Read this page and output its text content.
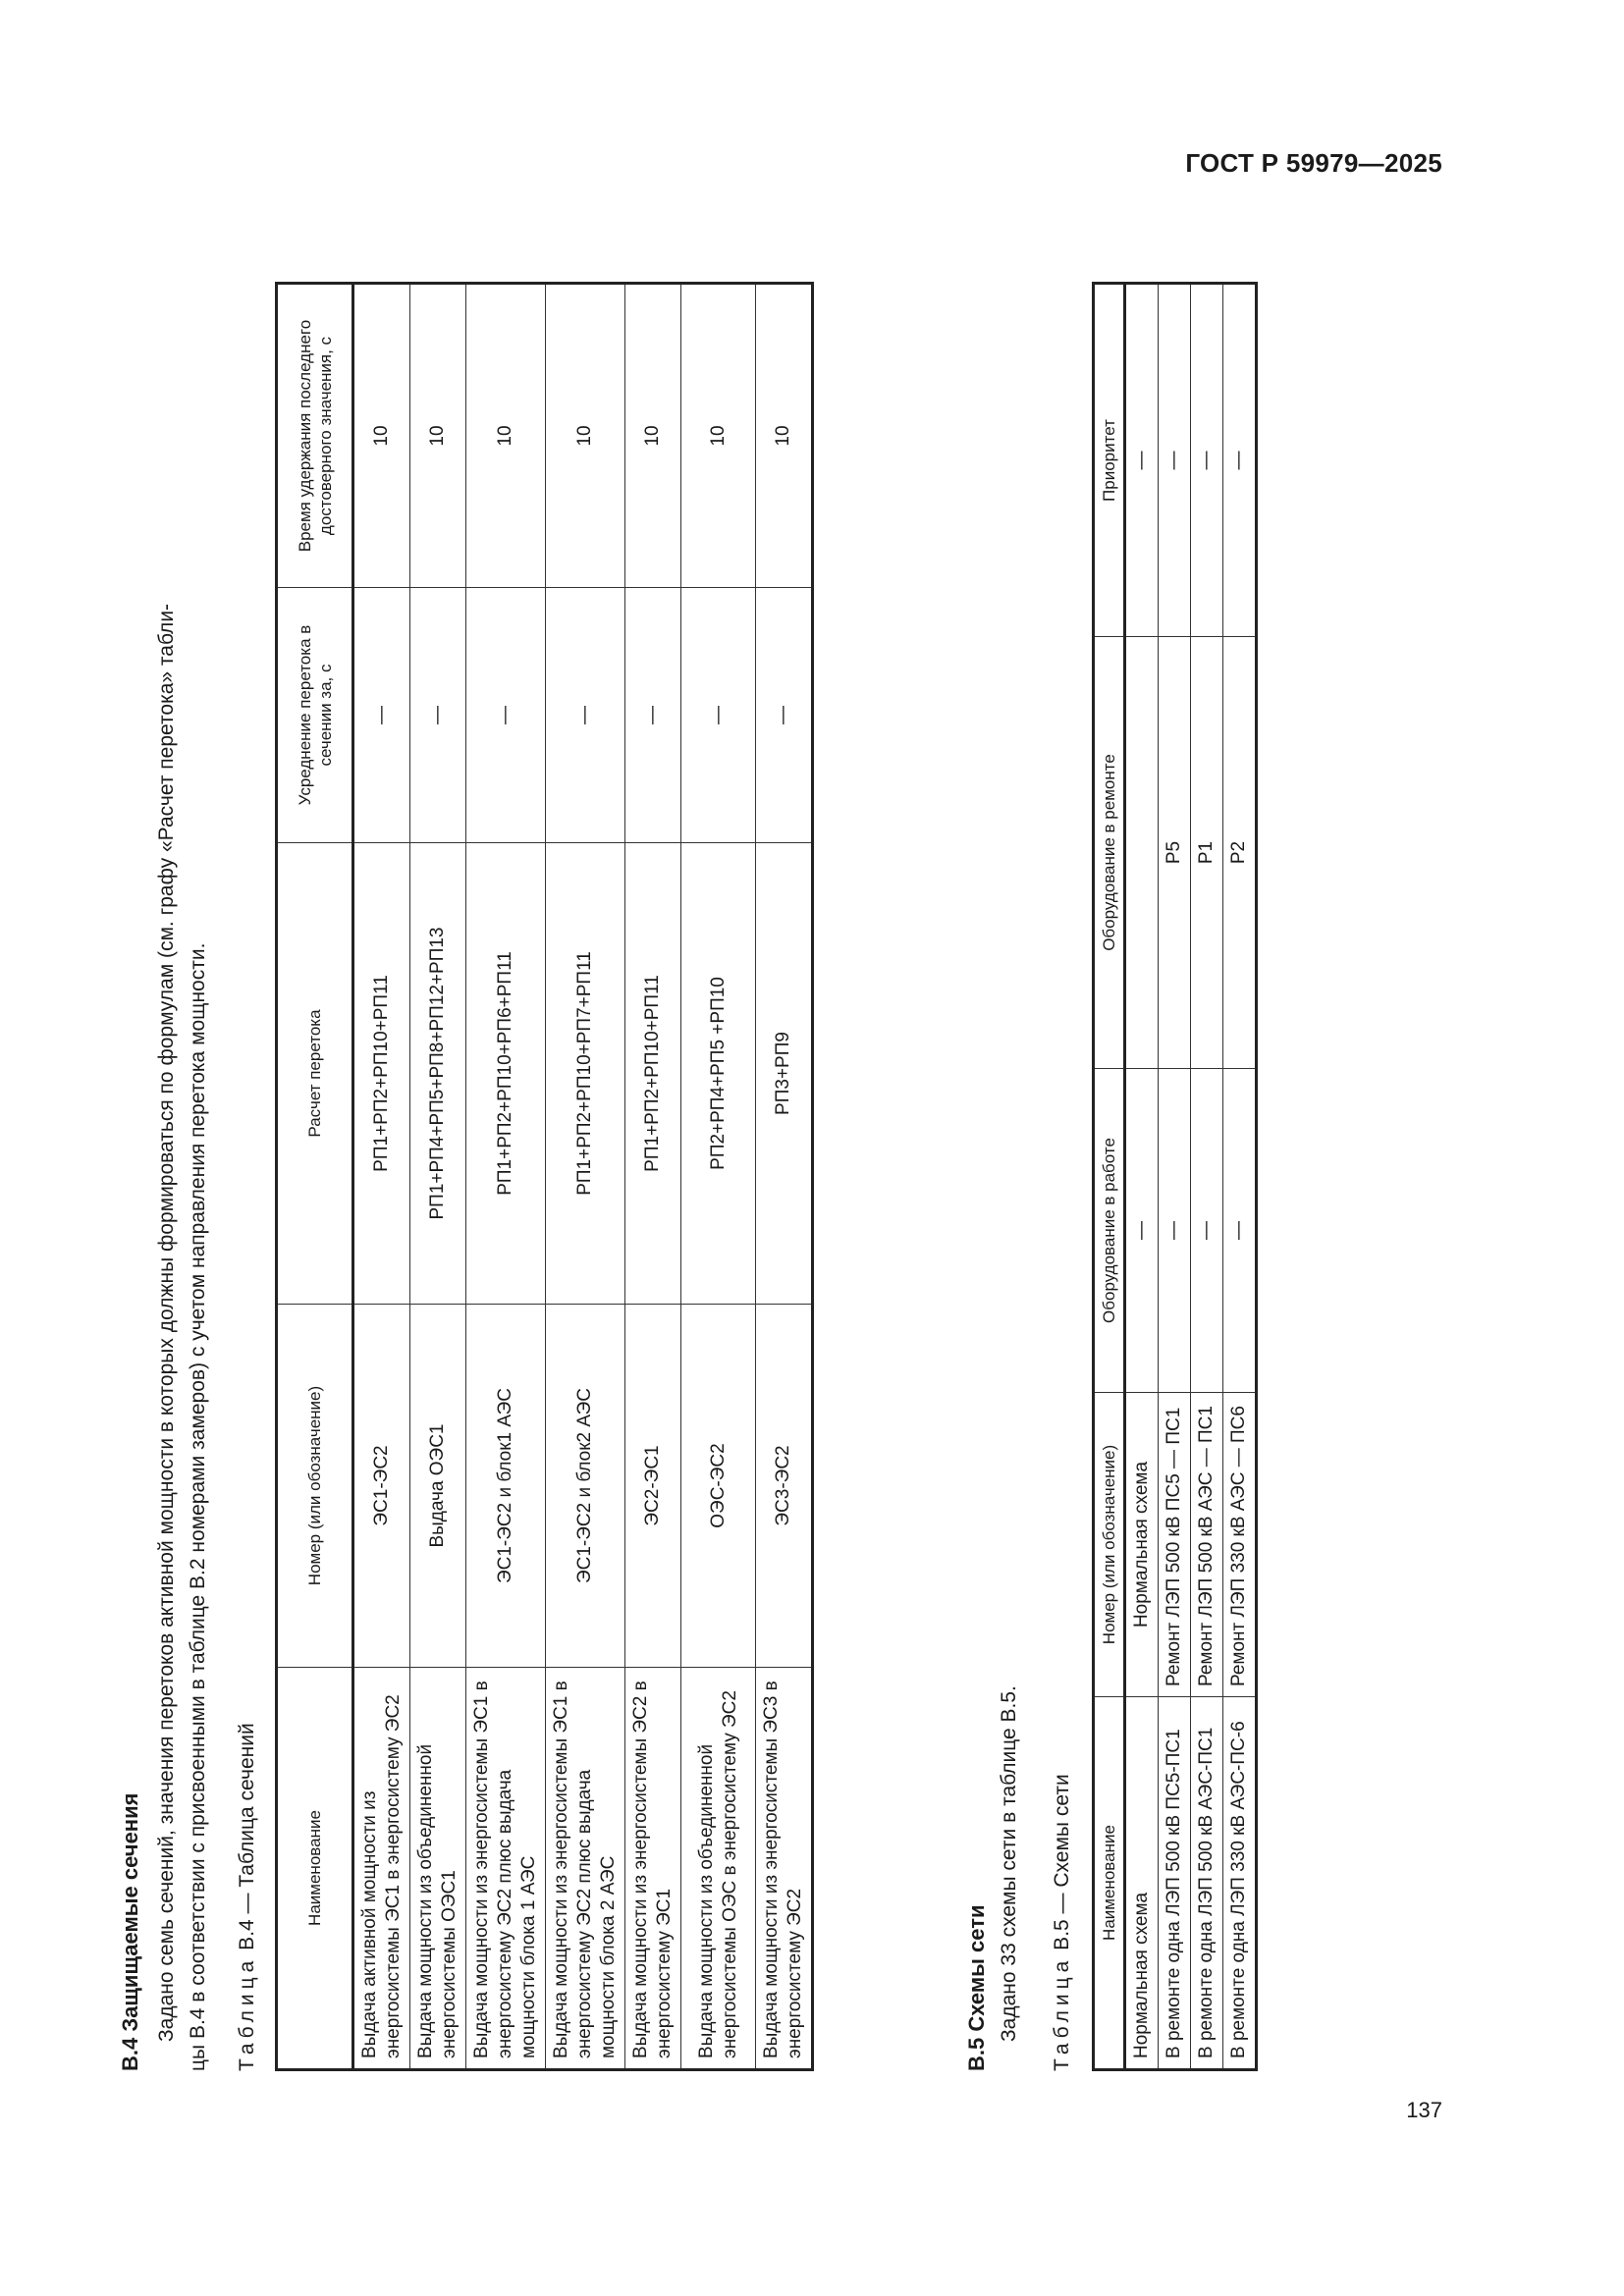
ГОСТ Р 59979—2025
137
В.4 Защищаемые сечения Задано семь сечений, значения перетоков активной мощности в которых должны формироваться по формулам (см. графу «Расчет перетока» табли- цы В.4 в соответствии с присвоенными в таблице В.2 номерами замеров) с учетом направления перетока мощности. Таблица В.4 — Таблица сечений	Наименование	Номер (или обозначение)	Расчет перетока	Усреднение перетока в сечении за, с	Время удержания последнего достоверного значения, с
Выдача активной мощности из энергосистемы ЭС1 в энергосистему ЭС2	ЭС1-ЭС2	РП1+РП2+РП10+РП11	—	10
Выдача мощности из объединенной энергосистемы ОЭС1	Выдача ОЭС1	РП1+РП4+РП5+РП8+РП12+РП13	—	10
Выдача мощности из энергосистемы ЭС1 в энергосистему ЭС2 плюс выдача мощности блока 1 АЭС	ЭС1-ЭС2 и блок1 АЭС	РП1+РП2+РП10+РП6+РП11	—	10
Выдача мощности из энергосистемы ЭС1 в энергосистему ЭС2 плюс выдача мощности блока 2 АЭС	ЭС1-ЭС2 и блок2 АЭС	РП1+РП2+РП10+РП7+РП11	—	10
Выдача мощности из энергосистемы ЭС2 в энергосистему ЭС1	ЭС2-ЭС1	РП1+РП2+РП10+РП11	—	10
Выдача мощности из объединенной энергосистемы ОЭС в энергосистему ЭС2	ОЭС-ЭС2	РП2+РП4+РП5 +РП10	—	10
Выдача мощности из энергосистемы ЭС3 в энергосистему ЭС2	ЭС3-ЭС2	РП3+РП9	—	10
В.5 Схемы сети Задано 33 схемы сети в таблице В.5. Таблица В.5 — Схемы сети Наименование	Номер (или обозначение)	Оборудование в работе	Оборудование в ремонте	Приоритет
Нормальная схема	Нормальная схема	—		—
В ремонте одна ЛЭП 500 кВ ПС5-ПС1	Ремонт ЛЭП 500 кВ ПС5 — ПС1	—	Р5	—
В ремонте одна ЛЭП 500 кВ АЭС-ПС1	Ремонт ЛЭП 500 кВ АЭС — ПС1	—	Р1	—
В ремонте одна ЛЭП 330 кВ АЭС-ПС-6	Ремонт ЛЭП 330 кВ АЭС — ПС6	—	Р2	—
